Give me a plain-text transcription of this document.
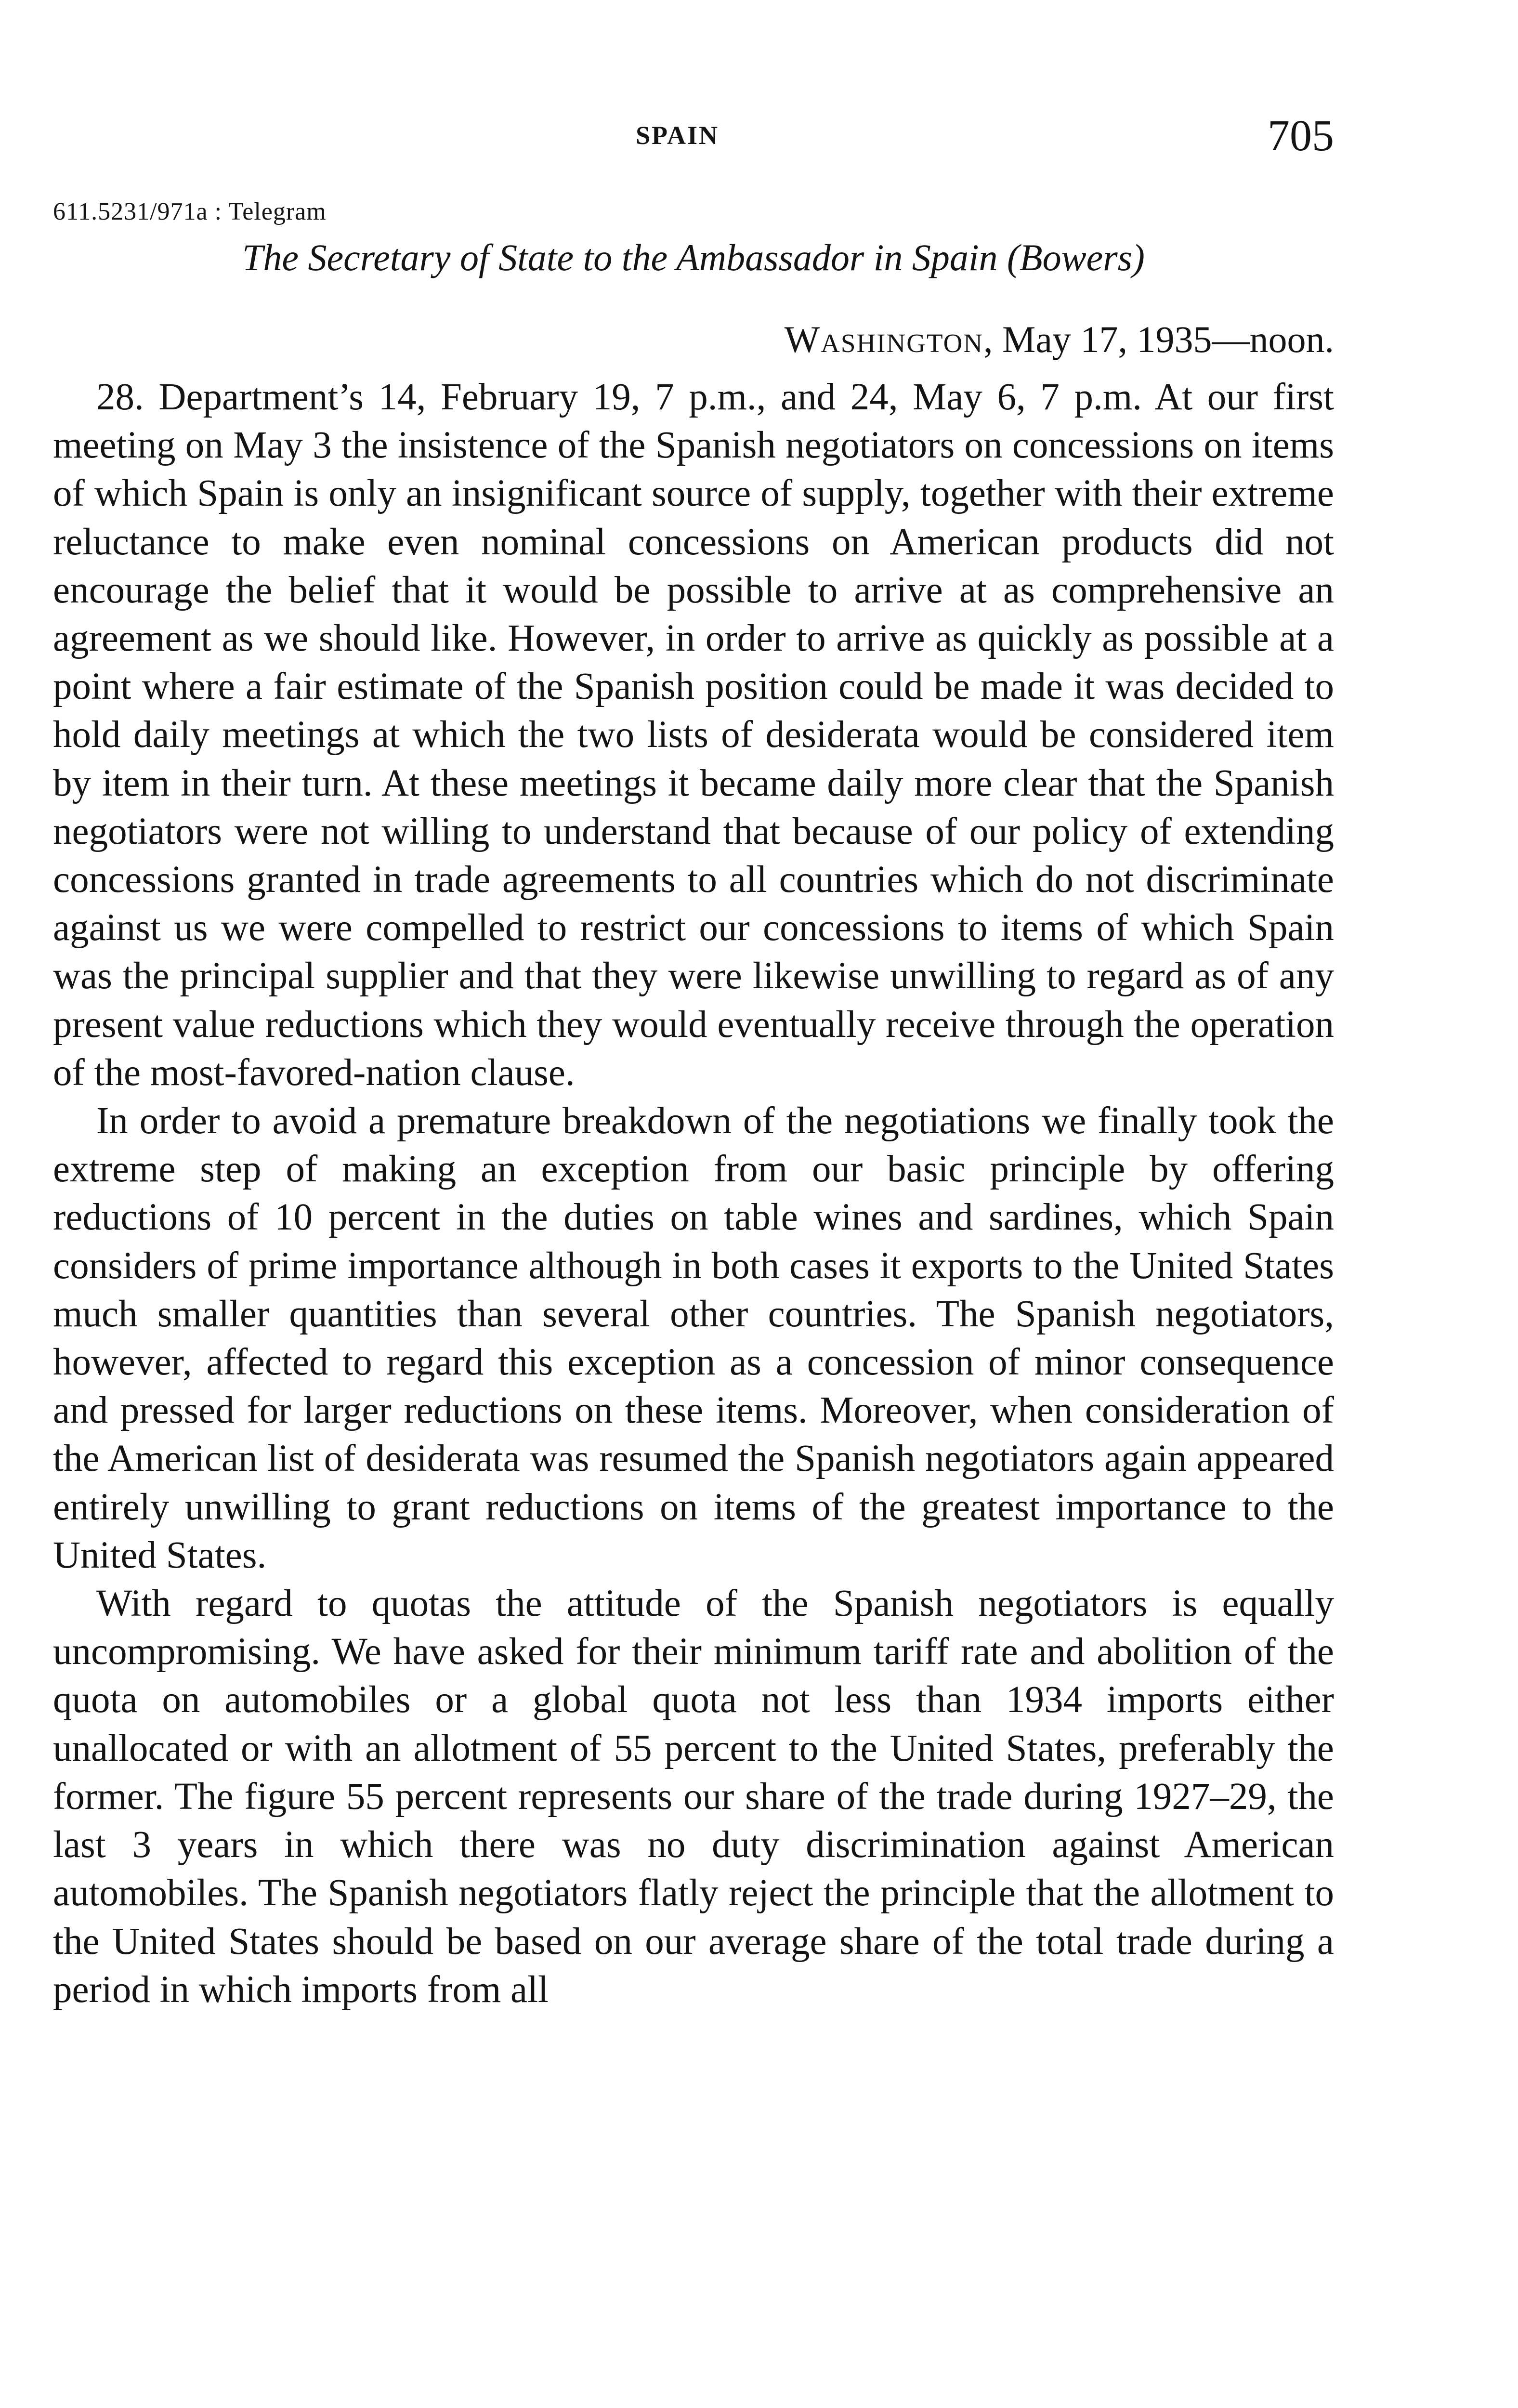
SPAIN	705
611.5231/971a : Telegram
The Secretary of State to the Ambassador in Spain (Bowers)
Washington, May 17, 1935—noon.

28. Department’s 14, February 19, 7 p.m., and 24, May 6, 7 p.m. At our first meeting on May 3 the insistence of the Spanish negotiators on concessions on items of which Spain is only an insignificant source of supply, together with their extreme reluctance to make even nominal concessions on American products did not encourage the belief that it would be possible to arrive at as comprehensive an agreement as we should like. However, in order to arrive as quickly as possible at a point where a fair estimate of the Spanish position could be made it was decided to hold daily meetings at which the two lists of desiderata would be considered item by item in their turn. At these meetings it became daily more clear that the Spanish negotiators were not willing to understand that because of our policy of extending concessions granted in trade agreements to all countries which do not discriminate against us we were compelled to restrict our concessions to items of which Spain was the principal supplier and that they were likewise unwilling to regard as of any present value reductions which they would eventually receive through the operation of the most-favored-nation clause.

In order to avoid a premature breakdown of the negotiations we finally took the extreme step of making an exception from our basic principle by offering reductions of 10 percent in the duties on table wines and sardines, which Spain considers of prime importance although in both cases it exports to the United States much smaller quantities than several other countries. The Spanish negotiators, however, affected to regard this exception as a concession of minor consequence and pressed for larger reductions on these items. Moreover, when consideration of the American list of desiderata was resumed the Spanish negotiators again appeared entirely unwilling to grant reductions on items of the greatest importance to the United States.

With regard to quotas the attitude of the Spanish negotiators is equally uncompromising. We have asked for their minimum tariff rate and abolition of the quota on automobiles or a global quota not less than 1934 imports either unallocated or with an allotment of 55 percent to the United States, preferably the former. The figure 55 percent represents our share of the trade during 1927–29, the last 3 years in which there was no duty discrimination against American automobiles. The Spanish negotiators flatly reject the principle that the allotment to the United States should be based on our average share of the total trade during a period in which imports from all
